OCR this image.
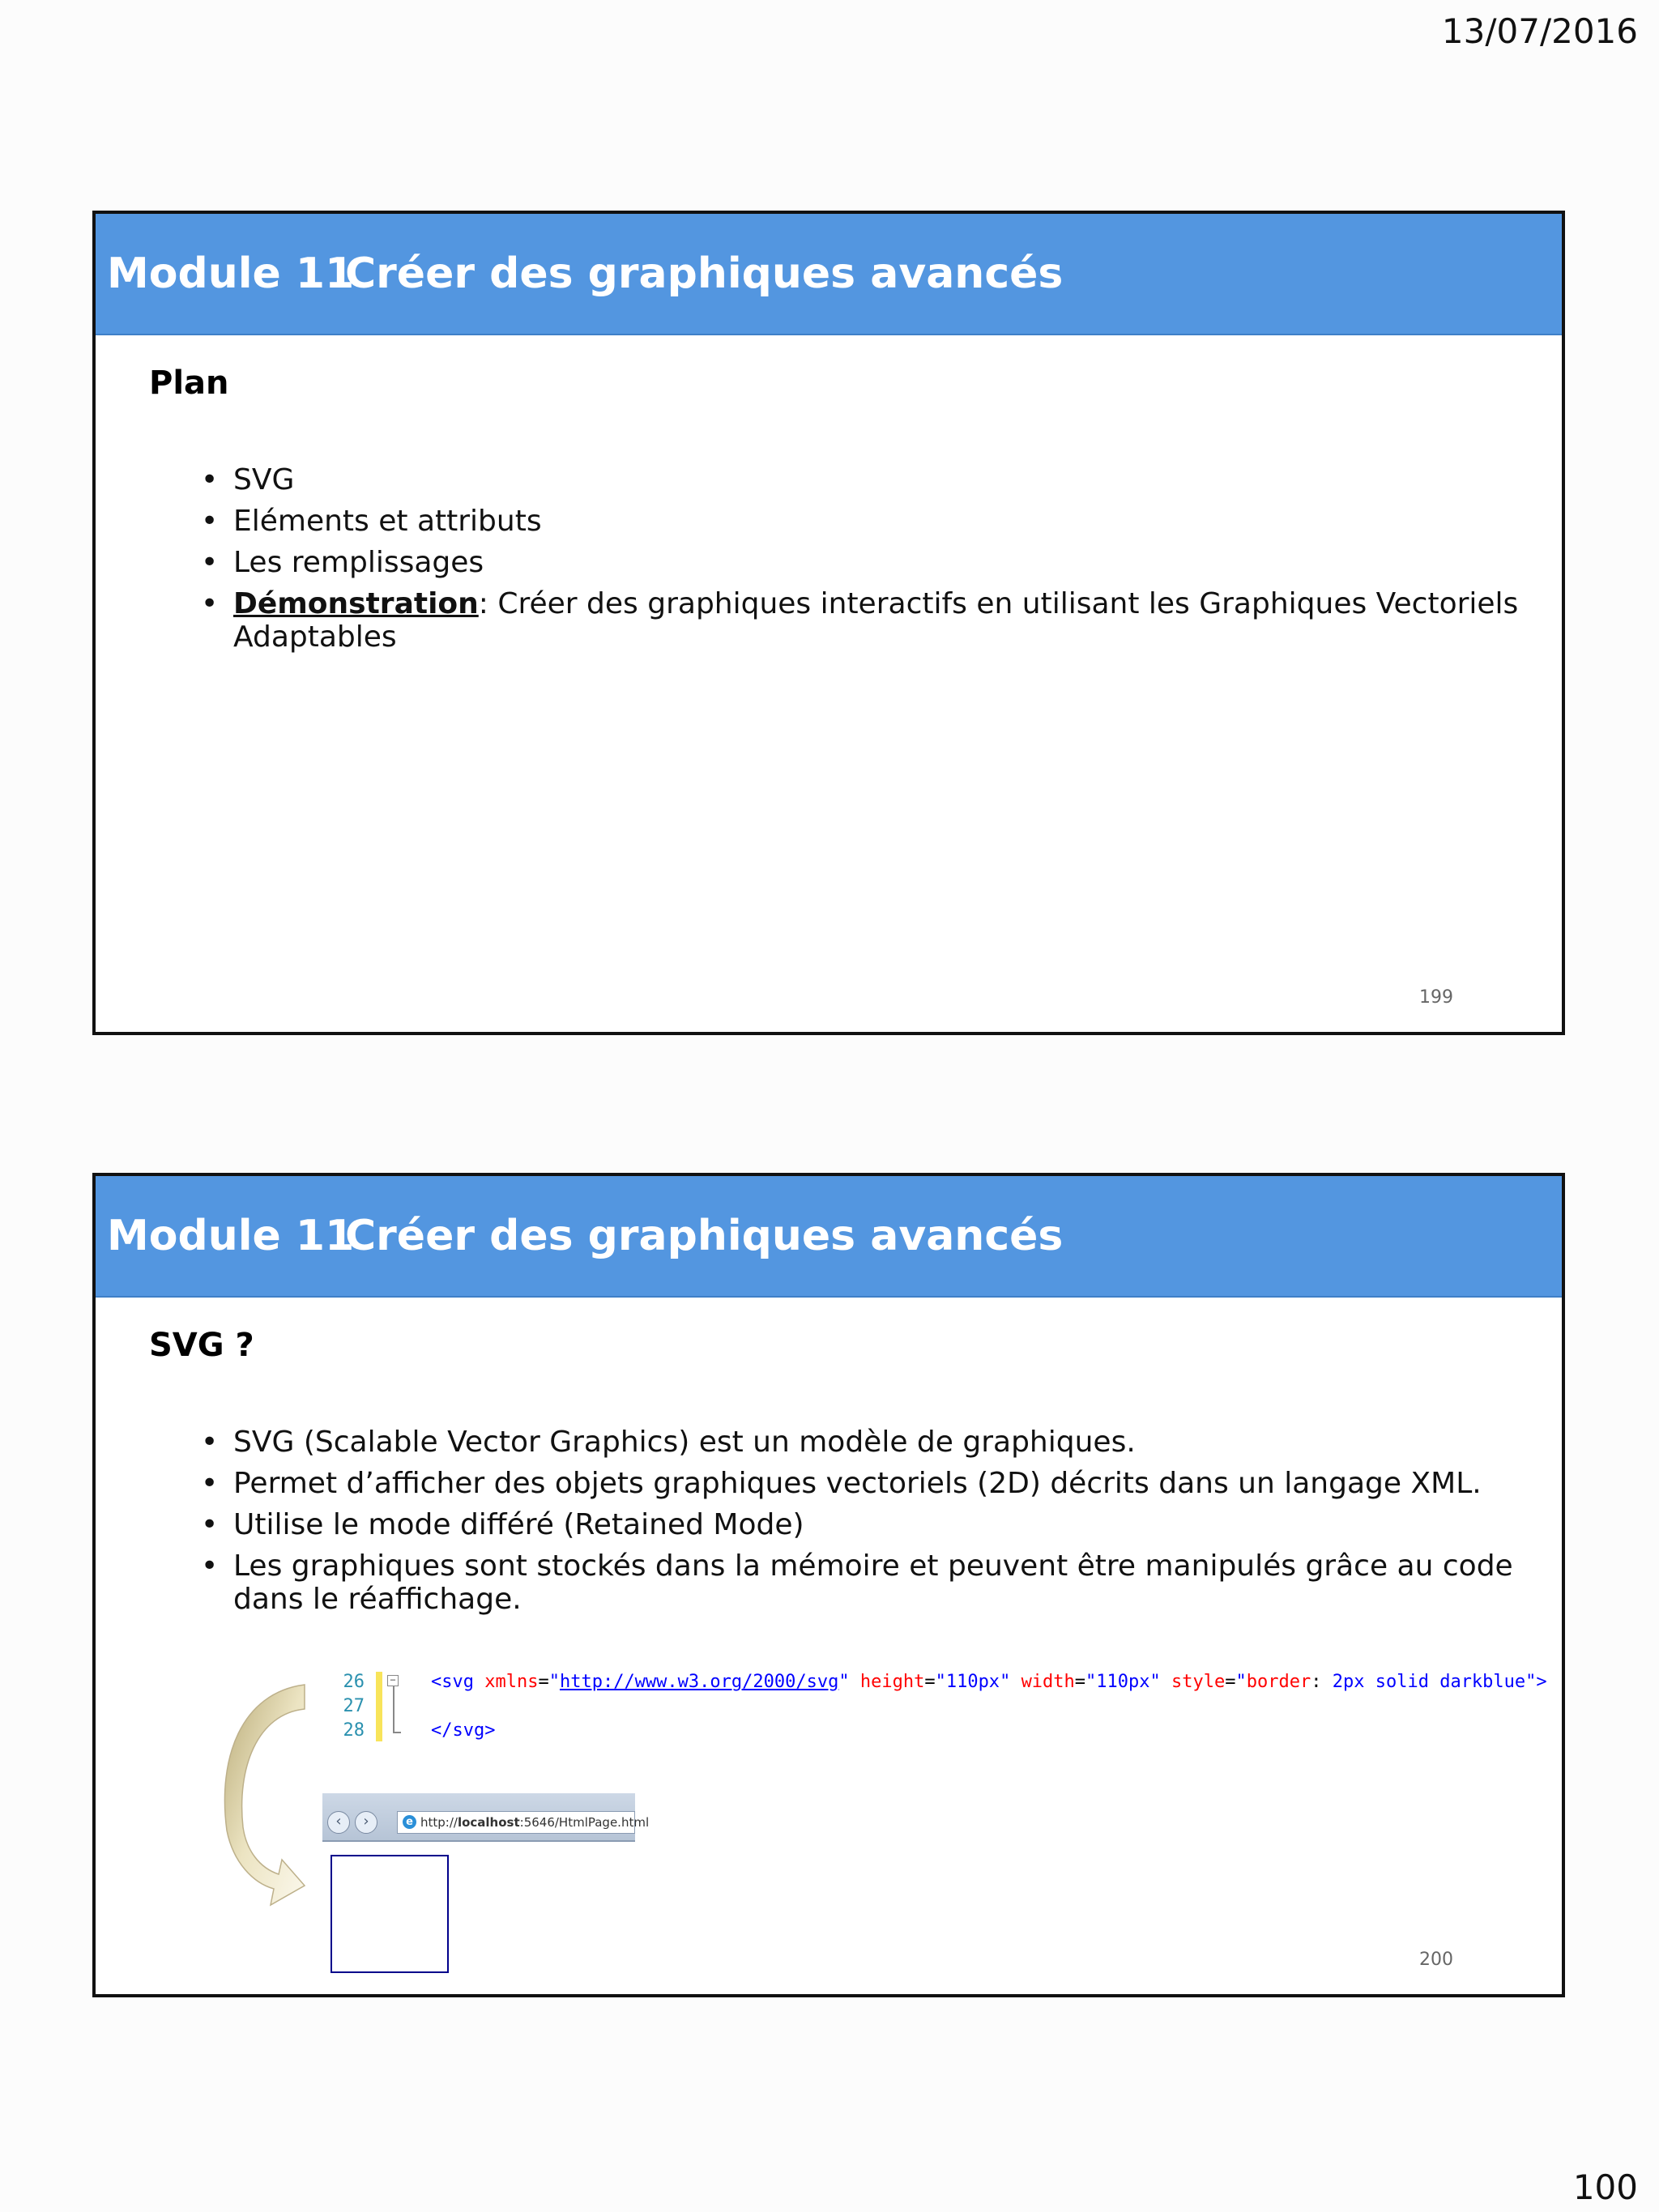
13/07/2016
Module 11Créer des graphiques avancés
Plan
• SVG
• Eléments et attributs
• Les remplissages
• Démonstration: Créer des graphiques interactifs en utilisant les Graphiques Vectoriels Adaptables
199
Module 11Créer des graphiques avancés
SVG ?
• SVG (Scalable Vector Graphics) est un modèle de graphiques.
• Permet d’afficher des objets graphiques vectoriels (2D) décrits dans un langage XML.
• Utilise le mode différé (Retained Mode)
• Les graphiques sont stockés dans la mémoire et peuvent être manipulés grâce au code dans le réaffichage.
26
27
28
− <svg xmlns="http://www.w3.org/2000/svg" height="110px" width="110px" style="border: 2px solid darkblue">

</svg>
‹	›	e http://localhost:5646/HtmlPage.html
200
100
